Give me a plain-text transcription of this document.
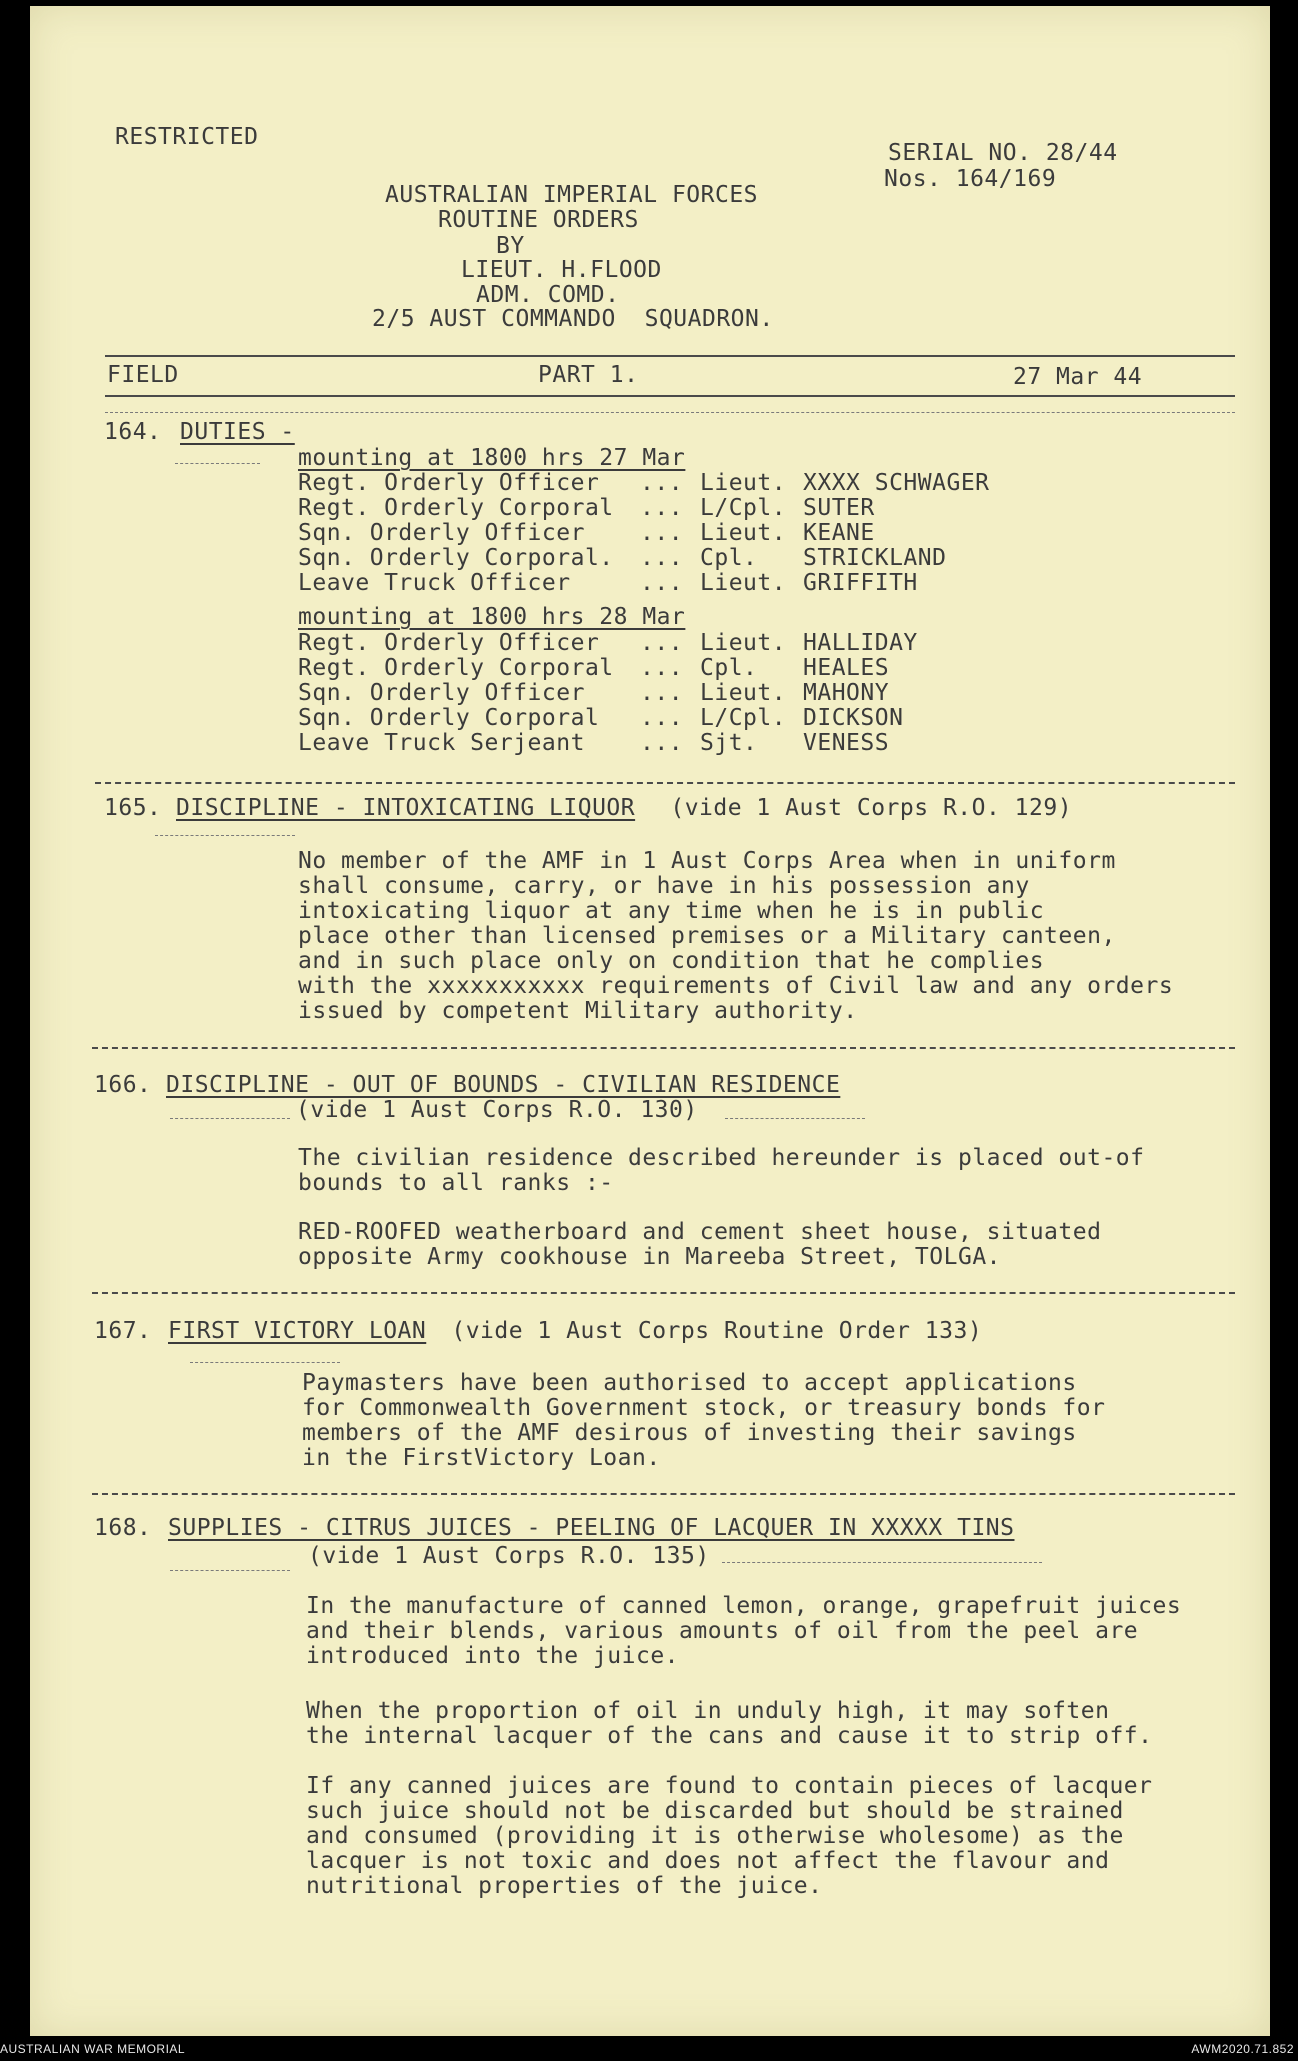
RESTRICTED
SERIAL NO. 28/44
Nos. 164/169
AUSTRALIAN IMPERIAL FORCES
ROUTINE ORDERS
BY
LIEUT. H.FLOOD
ADM. COMD.
2/5 AUST COMMANDO  SQUADRON.
FIELD	PART 1.	27 Mar 44
164. DUTIES -
mounting at 1800 hrs 27 Mar
Regt. Orderly Officer ... Lieut. XXXX SCHWAGER
Regt. Orderly Corporal ... L/Cpl. SUTER
Sqn. Orderly Officer ... Lieut. KEANE
Sqn. Orderly Corporal. ... Cpl. STRICKLAND
Leave Truck Officer	... Lieut. GRIFFITH
mounting at 1800 hrs 28 Mar
Regt. Orderly Officer ... Lieut. HALLIDAY
Regt. Orderly Corporal ... Cpl. HEALES
Sqn. Orderly Officer ... Lieut. MAHONY
Sqn. Orderly Corporal ... L/Cpl. DICKSON
Leave Truck Serjeant ... Sjt. VENESS
165. DISCIPLINE - INTOXICATING LIQUOR (vide 1 Aust Corps R.O. 129)
No member of the AMF in 1 Aust Corps Area when in uniform
shall consume, carry, or have in his possession any
intoxicating liquor at any time when he is in public
place other than licensed premises or a Military canteen,
and in such place only on condition that he complies
with the xxxxxxxxxxx requirements of Civil law and any orders
issued by competent Military authority.
166. DISCIPLINE - OUT OF BOUNDS - CIVILIAN RESIDENCE
(vide 1 Aust Corps R.O. 130)
The civilian residence described hereunder is placed out-of
bounds to all ranks :-
RED-ROOFED weatherboard and cement sheet house, situated
opposite Army cookhouse in Mareeba Street, TOLGA.
167. FIRST VICTORY LOAN (vide 1 Aust Corps Routine Order 133)
Paymasters have been authorised to accept applications
for Commonwealth Government stock, or treasury bonds for
members of the AMF desirous of investing their savings
in the FirstVictory Loan.
168. SUPPLIES - CITRUS JUICES - PEELING OF LACQUER IN XXXXX TINS
(vide 1 Aust Corps R.O. 135)
In the manufacture of canned lemon, orange, grapefruit juices
and their blends, various amounts of oil from the peel are
introduced into the juice.
When the proportion of oil in unduly high, it may soften
the internal lacquer of the cans and cause it to strip off.
If any canned juices are found to contain pieces of lacquer
such juice should not be discarded but should be strained
and consumed (providing it is otherwise wholesome) as the
lacquer is not toxic and does not affect the flavour and
nutritional properties of the juice.
AUSTRALIAN WAR MEMORIAL	AWM2020.71.852
